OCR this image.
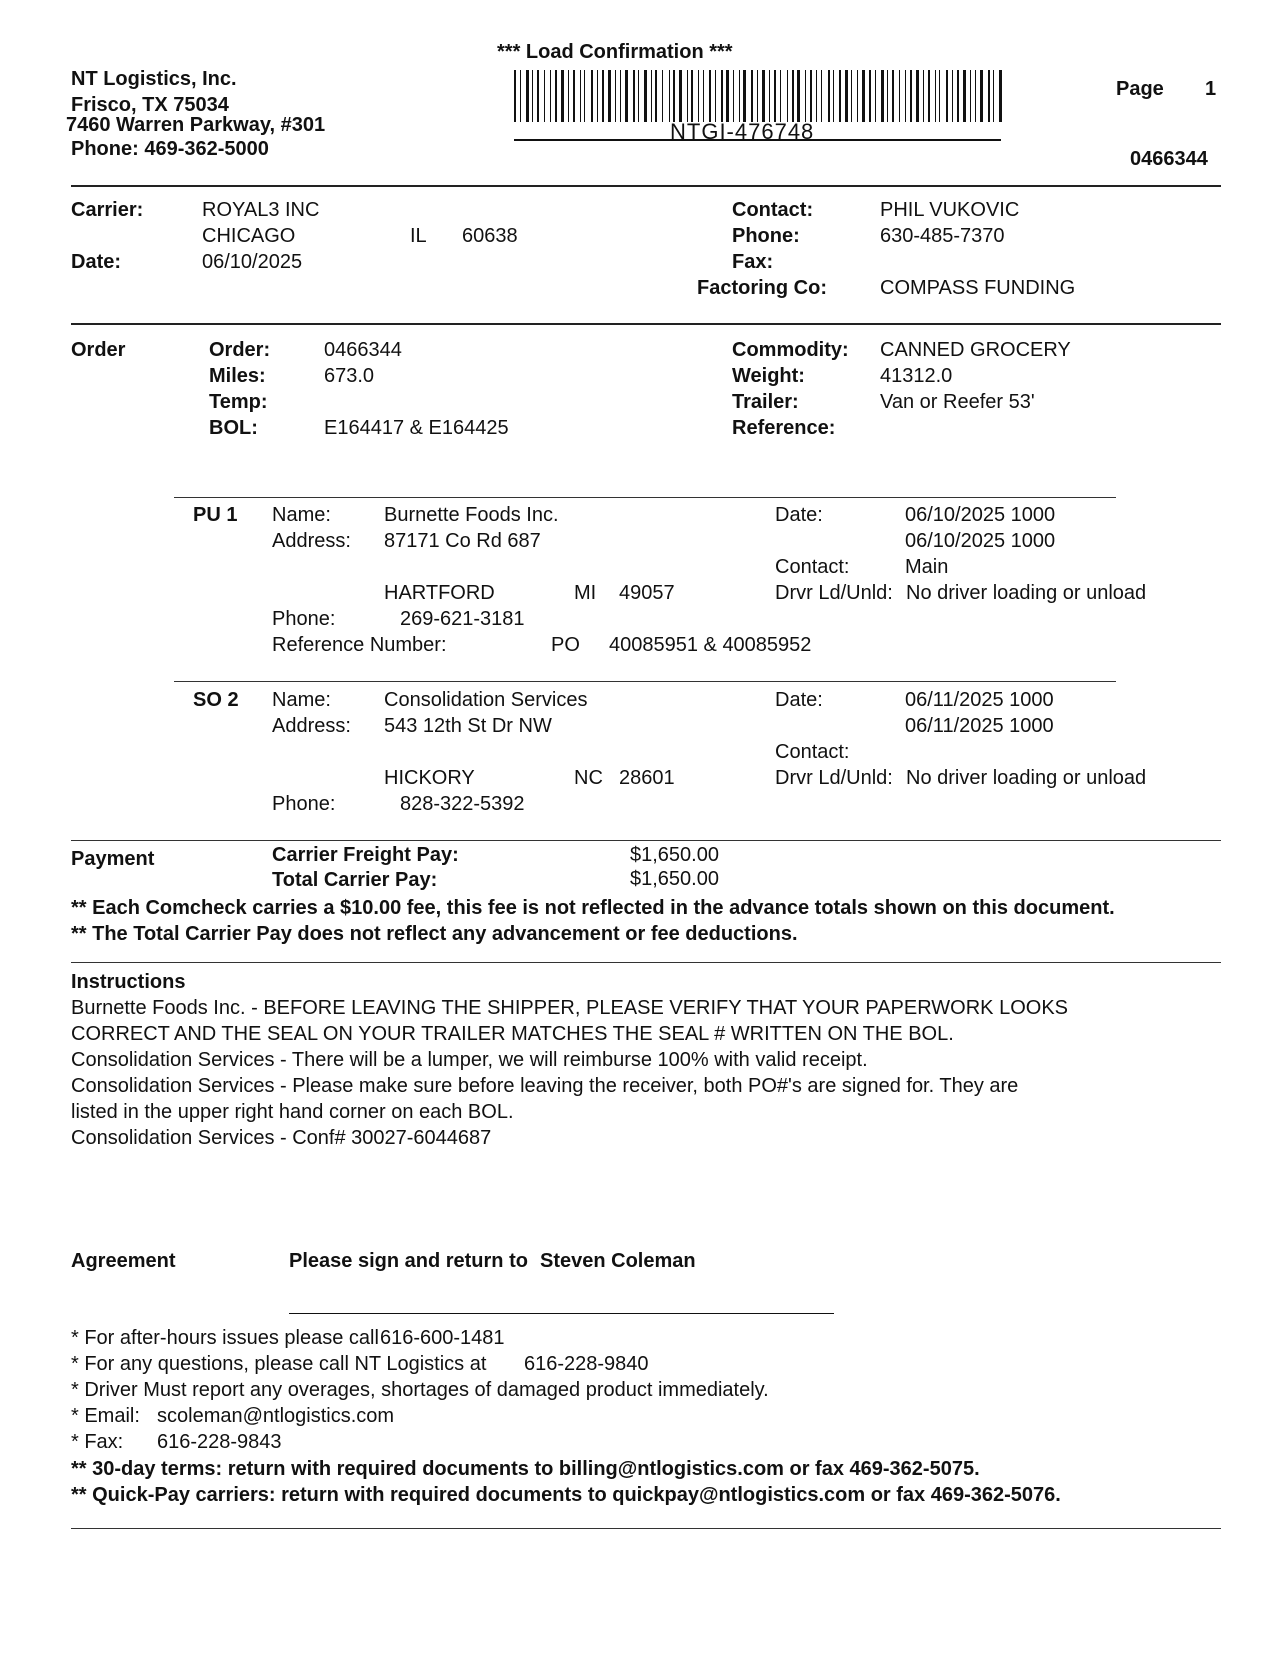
*** Load Confirmation ***
NT Logistics, Inc.
Frisco, TX 75034
7460 Warren Parkway, #301
Phone: 469-362-5000
NTGI-476748
Page 1
0466344
Carrier:	ROYAL3 INC
CHICAGO	IL 60638
Date:	06/10/2025
Contact:	PHIL VUKOVIC
Phone:	630-485-7370
Fax:
Factoring Co:	COMPASS FUNDING
Order	Order:	0466344
Miles:	673.0
Temp:
BOL:	E164417 & E164425
Commodity: CANNED GROCERY
Weight:	41312.0
Trailer:	Van or Reefer 53'
Reference:
PU 1 Name:	Burnette Foods Inc.
Address: 87171 Co Rd 687
HARTFORD	MI 49057
Phone:	269-621-3181
Reference Number:	PO 40085951 & 40085952
Date:	06/10/2025 1000
06/10/2025 1000
Contact:	Main
Drvr Ld/Unld: No driver loading or unload
SO 2 Name:	Consolidation Services
Address: 543 12th St Dr NW
HICKORY	NC 28601
Phone:	828-322-5392
Date:	06/11/2025 1000
06/11/2025 1000
Contact:
Drvr Ld/Unld: No driver loading or unload
Payment	Carrier Freight Pay:	$1,650.00
Total Carrier Pay:	$1,650.00
** Each Comcheck carries a $10.00 fee, this fee is not reflected in the advance totals shown on this document.
** The Total Carrier Pay does not reflect any advancement or fee deductions.
Instructions
Burnette Foods Inc. - BEFORE LEAVING THE SHIPPER, PLEASE VERIFY THAT YOUR PAPERWORK LOOKS
CORRECT AND THE SEAL ON YOUR TRAILER MATCHES THE SEAL # WRITTEN ON THE BOL.
Consolidation Services - There will be a lumper, we will reimburse 100% with valid receipt.
Consolidation Services - Please make sure before leaving the receiver, both PO#'s are signed for. They are
listed in the upper right hand corner on each BOL.
Consolidation Services - Conf# 30027-6044687
Agreement	Please sign and return to Steven Coleman
* For after-hours issues please call 616-600-1481
* For any questions, please call NT Logistics at 616-228-9840
* Driver Must report any overages, shortages of damaged product immediately.
* Email: scoleman@ntlogistics.com
* Fax: 616-228-9843
** 30-day terms: return with required documents to billing@ntlogistics.com or fax 469-362-5075.
** Quick-Pay carriers: return with required documents to quickpay@ntlogistics.com or fax 469-362-5076.
